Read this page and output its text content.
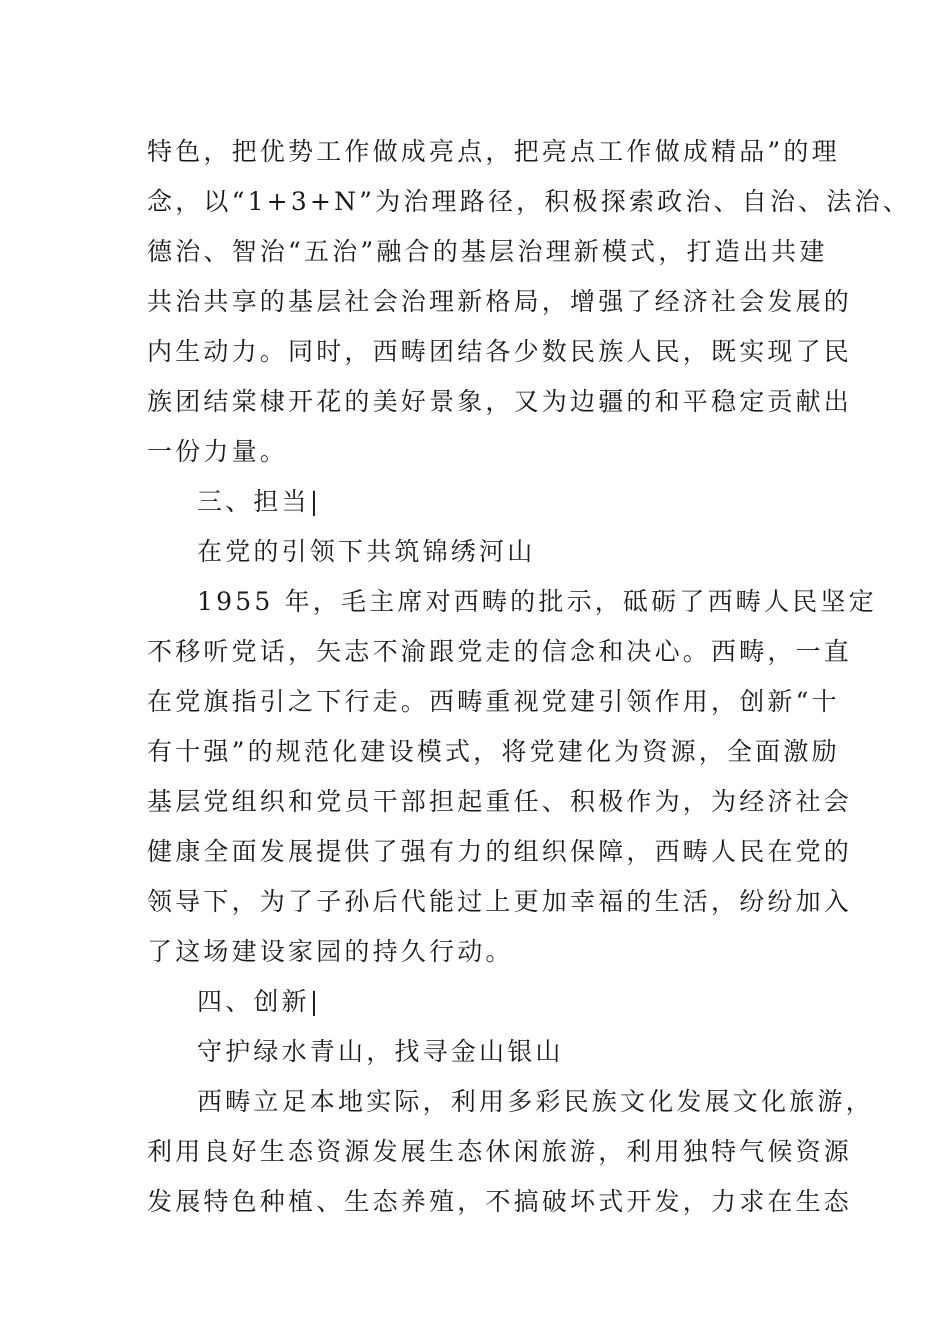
特色，把优势工作做成亮点，把亮点工作做成精品”的理
念，以“1+3+N”为治理路径，积极探索政治、自治、法治、
德治、智治“五治”融合的基层治理新模式，打造出共建
共治共享的基层社会治理新格局，增强了经济社会发展的
内生动力。同时，西畴团结各少数民族人民，既实现了民
族团结棠棣开花的美好景象，又为边疆的和平稳定贡献出
一份力量。
三、担当|
在党的引领下共筑锦绣河山
1955 年，毛主席对西畴的批示，砥砺了西畴人民坚定
不移听党话，矢志不渝跟党走的信念和决心。西畴，一直
在党旗指引之下行走。西畴重视党建引领作用，创新“十
有十强”的规范化建设模式，将党建化为资源，全面激励
基层党组织和党员干部担起重任、积极作为，为经济社会
健康全面发展提供了强有力的组织保障，西畴人民在党的
领导下，为了子孙后代能过上更加幸福的生活，纷纷加入
了这场建设家园的持久行动。
四、创新|
守护绿水青山，找寻金山银山
西畴立足本地实际，利用多彩民族文化发展文化旅游，
利用良好生态资源发展生态休闲旅游，利用独特气候资源
发展特色种植、生态养殖，不搞破坏式开发，力求在生态
